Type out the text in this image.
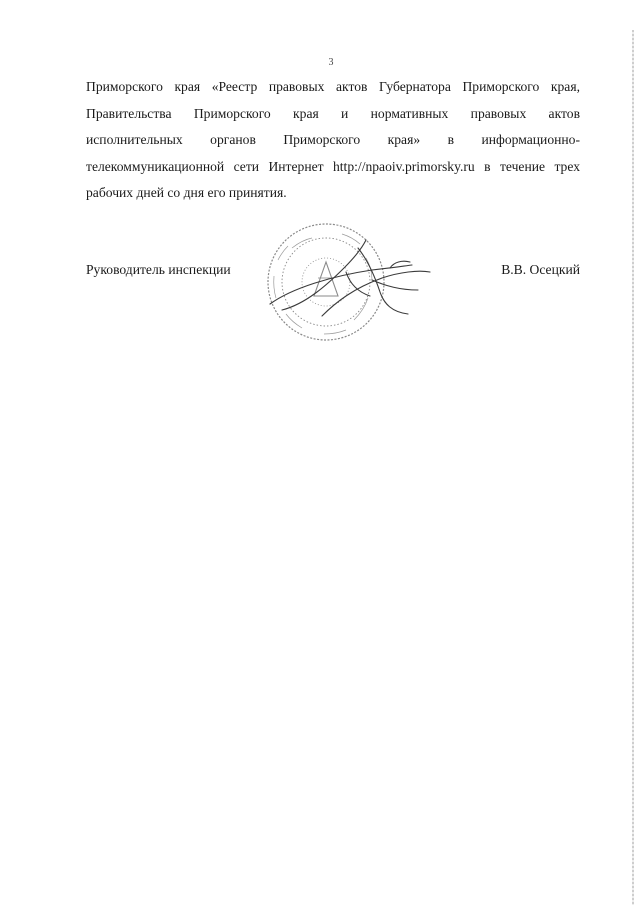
3
Приморского края «Реестр правовых актов Губернатора Приморского края,
Правительства Приморского края и нормативных правовых актов
исполнительных органов Приморского края» в информационно-
телекоммуникационной сети Интернет http://npaoiv.primorsky.ru в течение трех
рабочих дней со дня его принятия.
Руководитель инспекции	В.В. Осецкий
